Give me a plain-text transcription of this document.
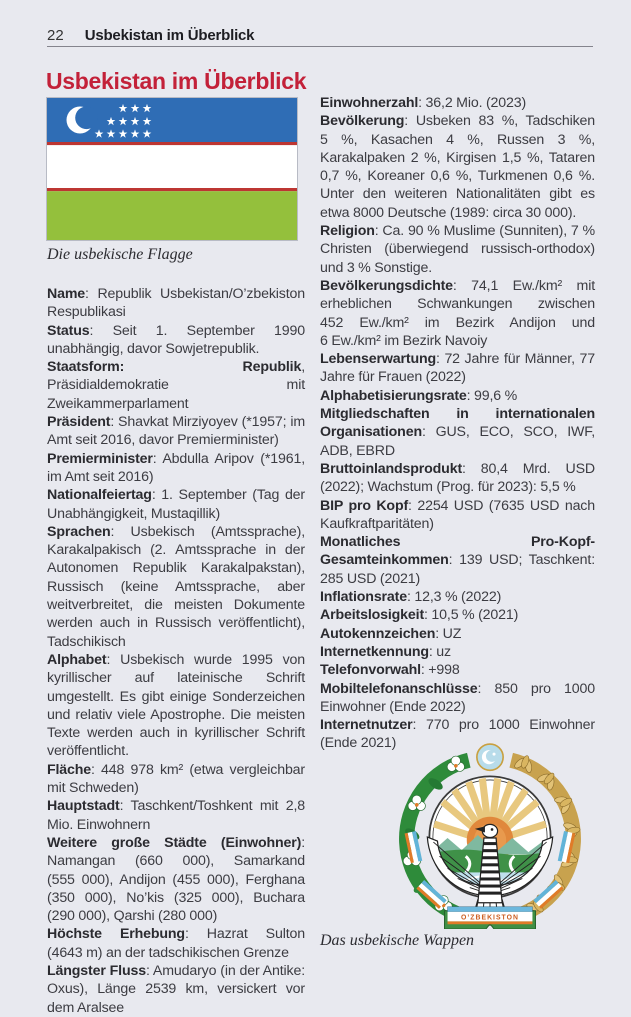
22 Usbekistan im Überblick
Usbekistan im Überblick
Die usbekische Flagge

Name: Republik Usbekistan/O’zbekiston Respublikasi

Status: Seit 1. September 1990 unabhängig, davor Sowjetrepublik.

Staatsform: Republik, Präsidialdemokratie mit Zweikammerparlament

Präsident: Shavkat Mirziyoyev (*1957; im Amt seit 2016, davor Premierminister)

Premierminister: Abdulla Aripov (*1961, im Amt seit 2016)

Nationalfeiertag: 1. September (Tag der Unabhängigkeit, Mustaqillik)

Sprachen: Usbekisch (Amtssprache), Karakalpakisch (2. Amtssprache in der Autonomen Republik Karakalpakstan), Russisch (keine Amtssprache, aber weitverbreitet, die meisten Dokumente werden auch in Russisch veröffentlicht), Tadschikisch

Alphabet: Usbekisch wurde 1995 von kyrillischer auf lateinische Schrift umgestellt. Es gibt einige Sonderzeichen und relativ viele Apostrophe. Die meisten Texte werden auch in kyrillischer Schrift veröffentlicht.

Fläche: 448 978 km² (etwa vergleichbar mit Schweden)

Hauptstadt: Taschkent/Toshkent mit 2,8 Mio. Einwohnern

Weitere große Städte (Einwohner): Namangan (660 000), Samarkand (555 000), Andijon (455 000), Ferghana (350 000), No’kis (325 000), Buchara (290 000), Qarshi (280 000)

Höchste Erhebung: Hazrat Sulton (4643 m) an der tadschikischen Grenze

Längster Fluss: Amudaryo (in der Antike: Oxus), Länge 2539 km, versickert vor dem Aralsee

Einwohnerzahl: 36,2 Mio. (2023)

Bevölkerung: Usbeken 83 %, Tadschiken 5 %, Kasachen 4 %, Russen 3 %, Karakalpaken 2 %, Kirgisen 1,5 %, Tataren 0,7 %, Koreaner 0,6 %, Turkmenen 0,6 %. Unter den weiteren Nationalitäten gibt es etwa 8000 Deutsche (1989: circa 30 000).

Religion: Ca. 90 % Muslime (Sunniten), 7 % Christen (überwiegend russisch-orthodox) und 3 % Sonstige.

Bevölkerungsdichte: 74,1 Ew./km² mit erheblichen Schwankungen zwischen 452 Ew./km² im Bezirk Andijon und 6 Ew./km² im Bezirk Navoiy

Lebenserwartung: 72 Jahre für Männer, 77 Jahre für Frauen (2022)

Alphabetisierungsrate: 99,6 %

Mitgliedschaften in internationalen Organisationen: GUS, ECO, SCO, IWF, ADB, EBRD

Bruttoinlandsprodukt: 80,4 Mrd. USD (2022); Wachstum (Prog. für 2023): 5,5 %

BIP pro Kopf: 2254 USD (7635 USD nach Kaufkraftparitäten)

Monatliches Pro-Kopf-Gesamteinkommen: 139 USD; Taschkent: 285 USD (2021)

Inflationsrate: 12,3 % (2022)

Arbeitslosigkeit: 10,5 % (2021)

Autokennzeichen: UZ

Internetkennung: uz

Telefonvorwahl: +998

Mobiltelefonanschlüsse: 850 pro 1000 Einwohner (Ende 2022)

Internetnutzer: 770 pro 1000 Einwohner (Ende 2021)

O’ZBEKISTON
Das usbekische Wappen
